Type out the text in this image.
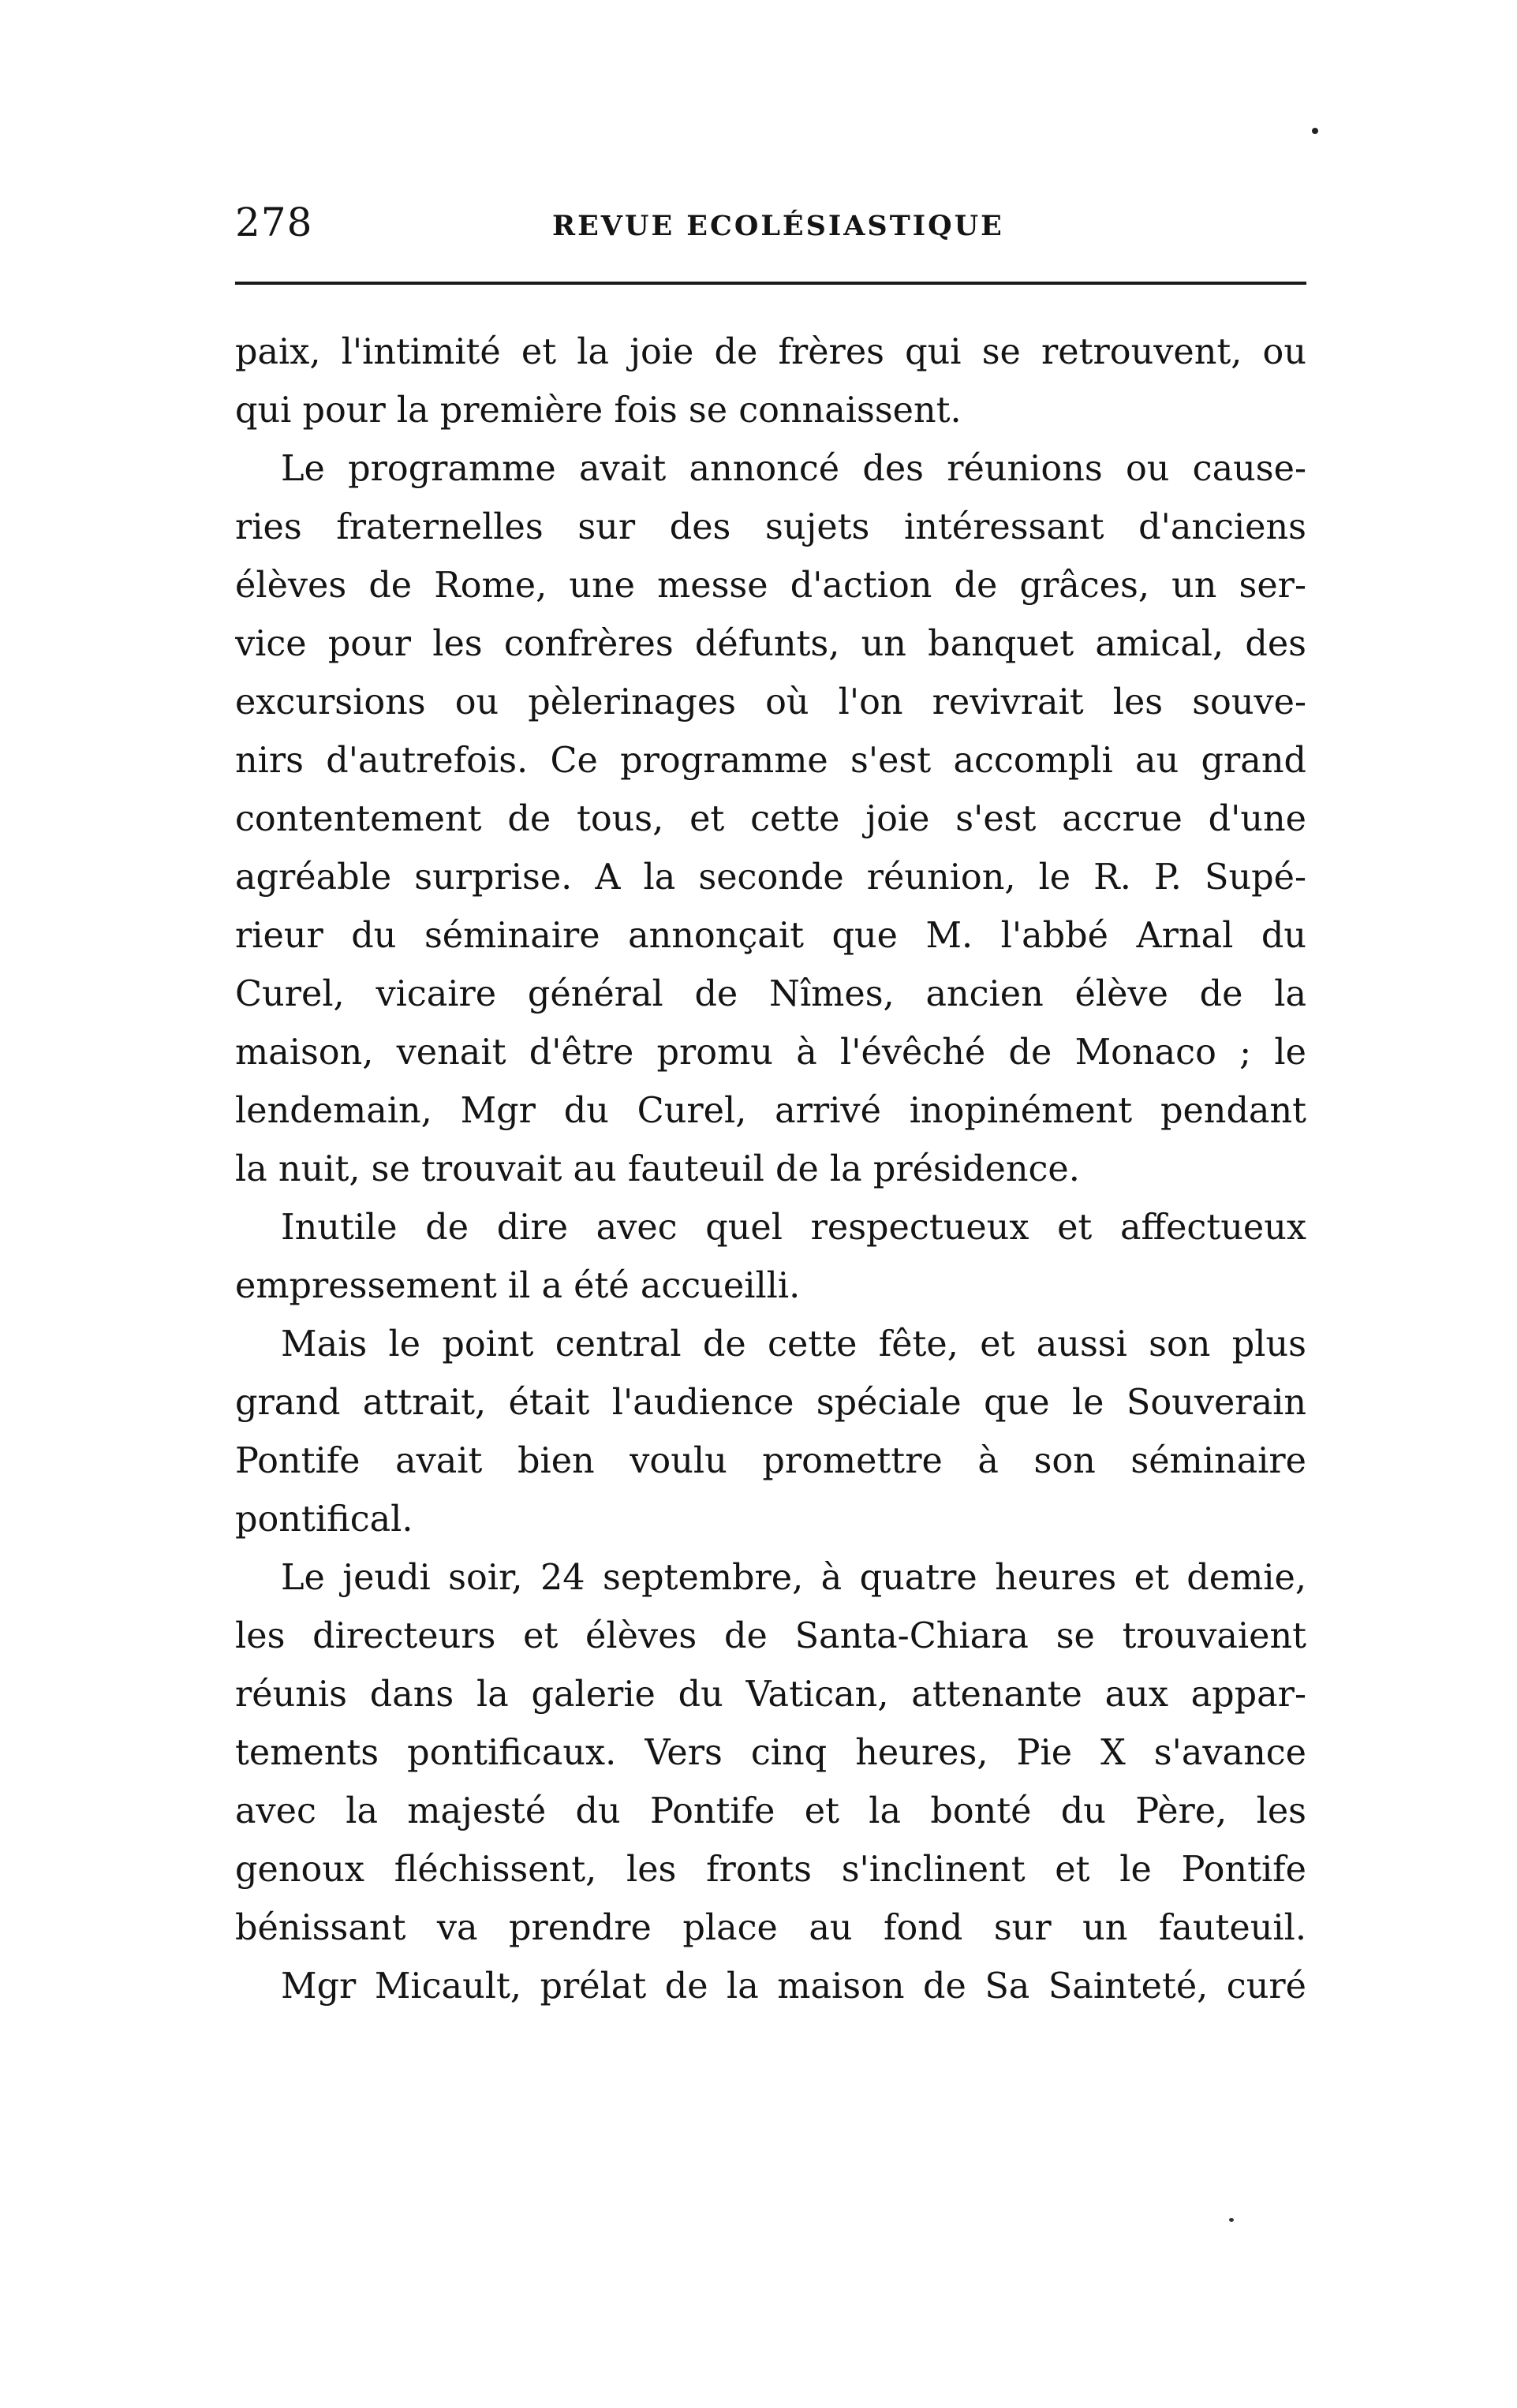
278	REVUE ECOLÉSIASTIQUE
paix, l'intimité et la joie de frères qui se retrouvent, ou
qui pour la première fois se connaissent.
Le programme avait annoncé des réunions ou cause-
ries fraternelles sur des sujets intéressant d'anciens
élèves de Rome, une messe d'action de grâces, un ser-
vice pour les confrères défunts, un banquet amical, des
excursions ou pèlerinages où l'on revivrait les souve-
nirs d'autrefois. Ce programme s'est accompli au grand
contentement de tous, et cette joie s'est accrue d'une
agréable surprise. A la seconde réunion, le R. P. Supé-
rieur du séminaire annonçait que M. l'abbé Arnal du
Curel, vicaire général de Nîmes, ancien élève de la
maison, venait d'être promu à l'évêché de Monaco ; le
lendemain, Mgr du Curel, arrivé inopinément pendant
la nuit, se trouvait au fauteuil de la présidence.
Inutile de dire avec quel respectueux et affectueux
empressement il a été accueilli.
Mais le point central de cette fête, et aussi son plus
grand attrait, était l'audience spéciale que le Souverain
Pontife avait bien voulu promettre à son séminaire
pontifical.
Le jeudi soir, 24 septembre, à quatre heures et demie,
les directeurs et élèves de Santa-Chiara se trouvaient
réunis dans la galerie du Vatican, attenante aux appar-
tements pontificaux. Vers cinq heures, Pie X s'avance
avec la majesté du Pontife et la bonté du Père, les
genoux fléchissent, les fronts s'inclinent et le Pontife
bénissant va prendre place au fond sur un fauteuil.
Mgr Micault, prélat de la maison de Sa Sainteté, curé
